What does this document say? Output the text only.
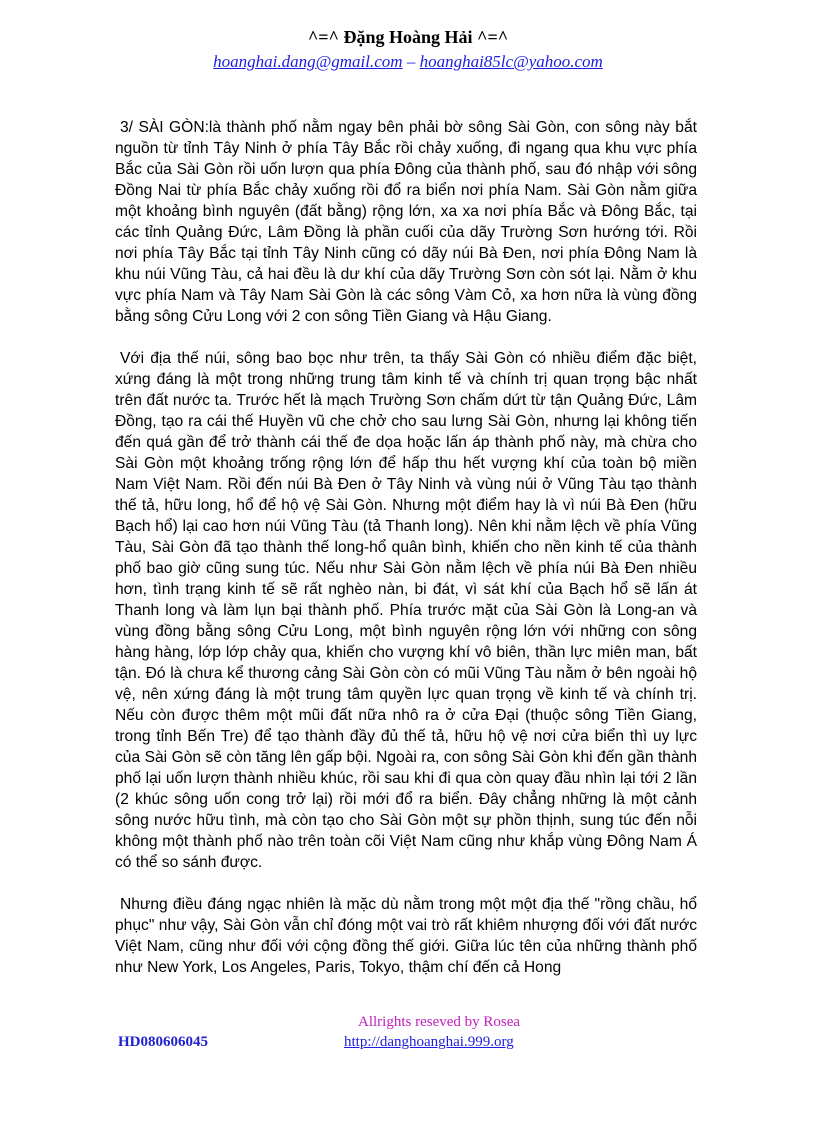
^=^ Đặng Hoàng Hải ^=^
hoanghai.dang@gmail.com – hoanghai85lc@yahoo.com

3/ SÀI GÒN:là thành phố nằm ngay bên phải bờ sông Sài Gòn, con sông này bắt nguồn từ tỉnh Tây Ninh ở phía Tây Bắc rồi chảy xuống, đi ngang qua khu vực phía Bắc của Sài Gòn rồi uốn lượn qua phía Đông của thành phố, sau đó nhập với sông Đồng Nai từ phía Bắc chảy xuống rồi đổ ra biển nơi phía Nam. Sài Gòn nằm giữa một khoảng bình nguyên (đất bằng) rộng lớn, xa xa nơi phía Bắc và Đông Bắc, tại các tỉnh Quảng Đức, Lâm Đồng là phần cuối của dãy Trường Sơn hướng tới. Rồi nơi phía Tây Bắc tại tỉnh Tây Ninh cũng có dãy núi Bà Đen, nơi phía Đông Nam là khu núi Vũng Tàu, cả hai đều là dư khí của dãy Trường Sơn còn sót lại. Nằm ở khu vực phía Nam và Tây Nam Sài Gòn là các sông Vàm Cỏ, xa hơn nữa là vùng đồng bằng sông Cửu Long với 2 con sông Tiền Giang và Hậu Giang.

Với địa thế núi, sông bao bọc như trên, ta thấy Sài Gòn có nhiều điểm đặc biệt, xứng đáng là một trong những trung tâm kinh tế và chính trị quan trọng bậc nhất trên đất nước ta. Trước hết là mạch Trường Sơn chấm dứt từ tận Quảng Đức, Lâm Đồng, tạo ra cái thế Huyền vũ che chở cho sau lưng Sài Gòn, nhưng lại không tiến đến quá gần để trở thành cái thế đe dọa hoặc lấn áp thành phố này, mà chừa cho Sài Gòn một khoảng trống rộng lớn để hấp thu hết vượng khí của toàn bộ miền Nam Việt Nam. Rồi đến núi Bà Đen ở Tây Ninh và vùng núi ở Vũng Tàu tạo thành thế tả, hữu long, hổ để hộ vệ Sài Gòn. Nhưng một điểm hay là vì núi Bà Đen (hữu Bạch hổ) lại cao hơn núi Vũng Tàu (tả Thanh long). Nên khi nằm lệch về phía Vũng Tàu, Sài Gòn đã tạo thành thế long-hổ quân bình, khiến cho nền kinh tế của thành phố bao giờ cũng sung túc. Nếu như Sài Gòn nằm lệch về phía núi Bà Đen nhiều hơn, tình trạng kinh tế sẽ rất nghèo nàn, bi đát, vì sát khí của Bạch hổ sẽ lấn át Thanh long và làm lụn bại thành phố. Phía trước mặt của Sài Gòn là Long-an và vùng đồng bằng sông Cửu Long, một bình nguyên rộng lớn với những con sông hàng hàng, lớp lớp chảy qua, khiến cho vượng khí vô biên, thần lực miên man, bất tận. Đó là chưa kể thương cảng Sài Gòn còn có mũi Vũng Tàu nằm ở bên ngoài hộ vệ, nên xứng đáng là một trung tâm quyền lực quan trọng về kinh tế và chính trị. Nếu còn được thêm một mũi đất nữa nhô ra ở cửa Đại (thuộc sông Tiền Giang, trong tỉnh Bến Tre) để tạo thành đầy đủ thế tả, hữu hộ vệ nơi cửa biển thì uy lực của Sài Gòn sẽ còn tăng lên gấp bội. Ngoài ra, con sông Sài Gòn khi đến gần thành phố lại uốn lượn thành nhiều khúc, rồi sau khi đi qua còn quay đầu nhìn lại tới 2 lần (2 khúc sông uốn cong trở lại) rồi mới đổ ra biển. Đây chẳng những là một cảnh sông nước hữu tình, mà còn tạo cho Sài Gòn một sự phồn thịnh, sung túc đến nỗi không một thành phố nào trên toàn cõi Việt Nam cũng như khắp vùng Đông Nam Á có thể so sánh được.

Nhưng điều đáng ngạc nhiên là mặc dù nằm trong một một địa thế "rồng chầu, hổ phục" như vậy, Sài Gòn vẫn chỉ đóng một vai trò rất khiêm nhượng đối với đất nước Việt Nam, cũng như đối với cộng đồng thế giới. Giữa lúc tên của những thành phố như New York, Los Angeles, Paris, Tokyo, thậm chí đến cả Hong

Allrights reseved by Rosea
HD080606045	http://danghoanghai.999.org
